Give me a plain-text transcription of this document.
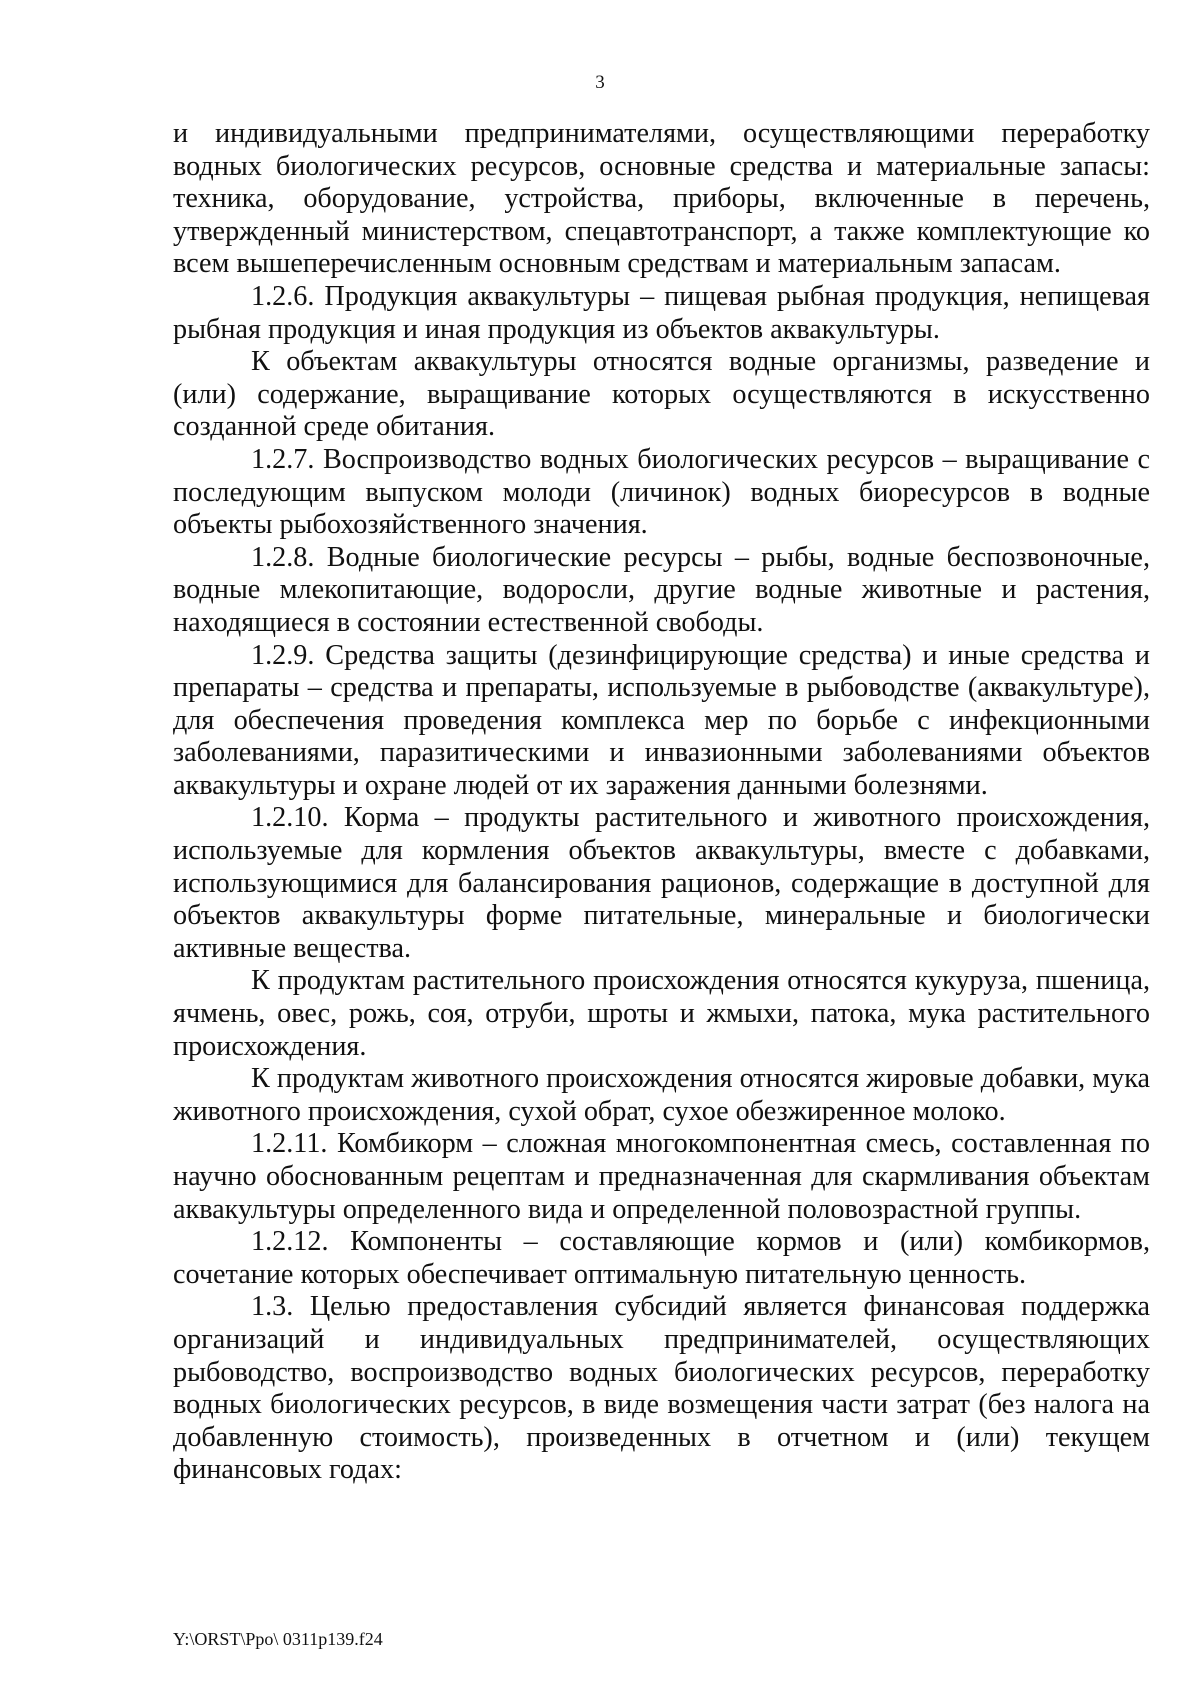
3

и индивидуальными предпринимателями, осуществляющими переработку водных биологических ресурсов, основные средства и материальные запасы: техника, оборудование, устройства, приборы, включенные в перечень, утвержденный министерством, спецавтотранспорт, а также комплектующие ко всем вышеперечисленным основным средствам и материальным запасам.

1.2.6. Продукция аквакультуры – пищевая рыбная продукция, непищевая рыбная продукция и иная продукция из объектов аквакультуры.

К объектам аквакультуры относятся водные организмы, разведение и (или) содержание, выращивание которых осуществляются в искусственно созданной среде обитания.

1.2.7. Воспроизводство водных биологических ресурсов – выращивание с последующим выпуском молоди (личинок) водных биоресурсов в водные объекты рыбохозяйственного значения.

1.2.8. Водные биологические ресурсы – рыбы, водные беспозвоночные, водные млекопитающие, водоросли, другие водные животные и растения, находящиеся в состоянии естественной свободы.

1.2.9. Средства защиты (дезинфицирующие средства) и иные средства и препараты – средства и препараты, используемые в рыбоводстве (аквакультуре), для обеспечения проведения комплекса мер по борьбе с инфекционными заболеваниями, паразитическими и инвазионными заболеваниями объектов аквакультуры и охране людей от их заражения данными болезнями.

1.2.10. Корма – продукты растительного и животного происхождения, используемые для кормления объектов аквакультуры, вместе с добавками, использующимися для балансирования рационов, содержащие в доступной для объектов аквакультуры форме питательные, минеральные и биологически активные вещества.

К продуктам растительного происхождения относятся кукуруза, пшеница, ячмень, овес, рожь, соя, отруби, шроты и жмыхи, патока, мука растительного происхождения.

К продуктам животного происхождения относятся жировые добавки, мука животного происхождения, сухой обрат, сухое обезжиренное молоко.

1.2.11. Комбикорм – сложная многокомпонентная смесь, составленная по научно обоснованным рецептам и предназначенная для скармливания объектам аквакультуры определенного вида и определенной половозрастной группы.

1.2.12. Компоненты – составляющие кормов и (или) комбикормов, сочетание которых обеспечивает оптимальную питательную ценность.

1.3. Целью предоставления субсидий является финансовая поддержка организаций и индивидуальных предпринимателей, осуществляющих рыбоводство, воспроизводство водных биологических ресурсов, переработку водных биологических ресурсов, в виде возмещения части затрат (без налога на добавленную стоимость), произведенных в отчетном и (или) текущем финансовых годах:

Y:\ORST\Ppo\ 0311p139.f24
